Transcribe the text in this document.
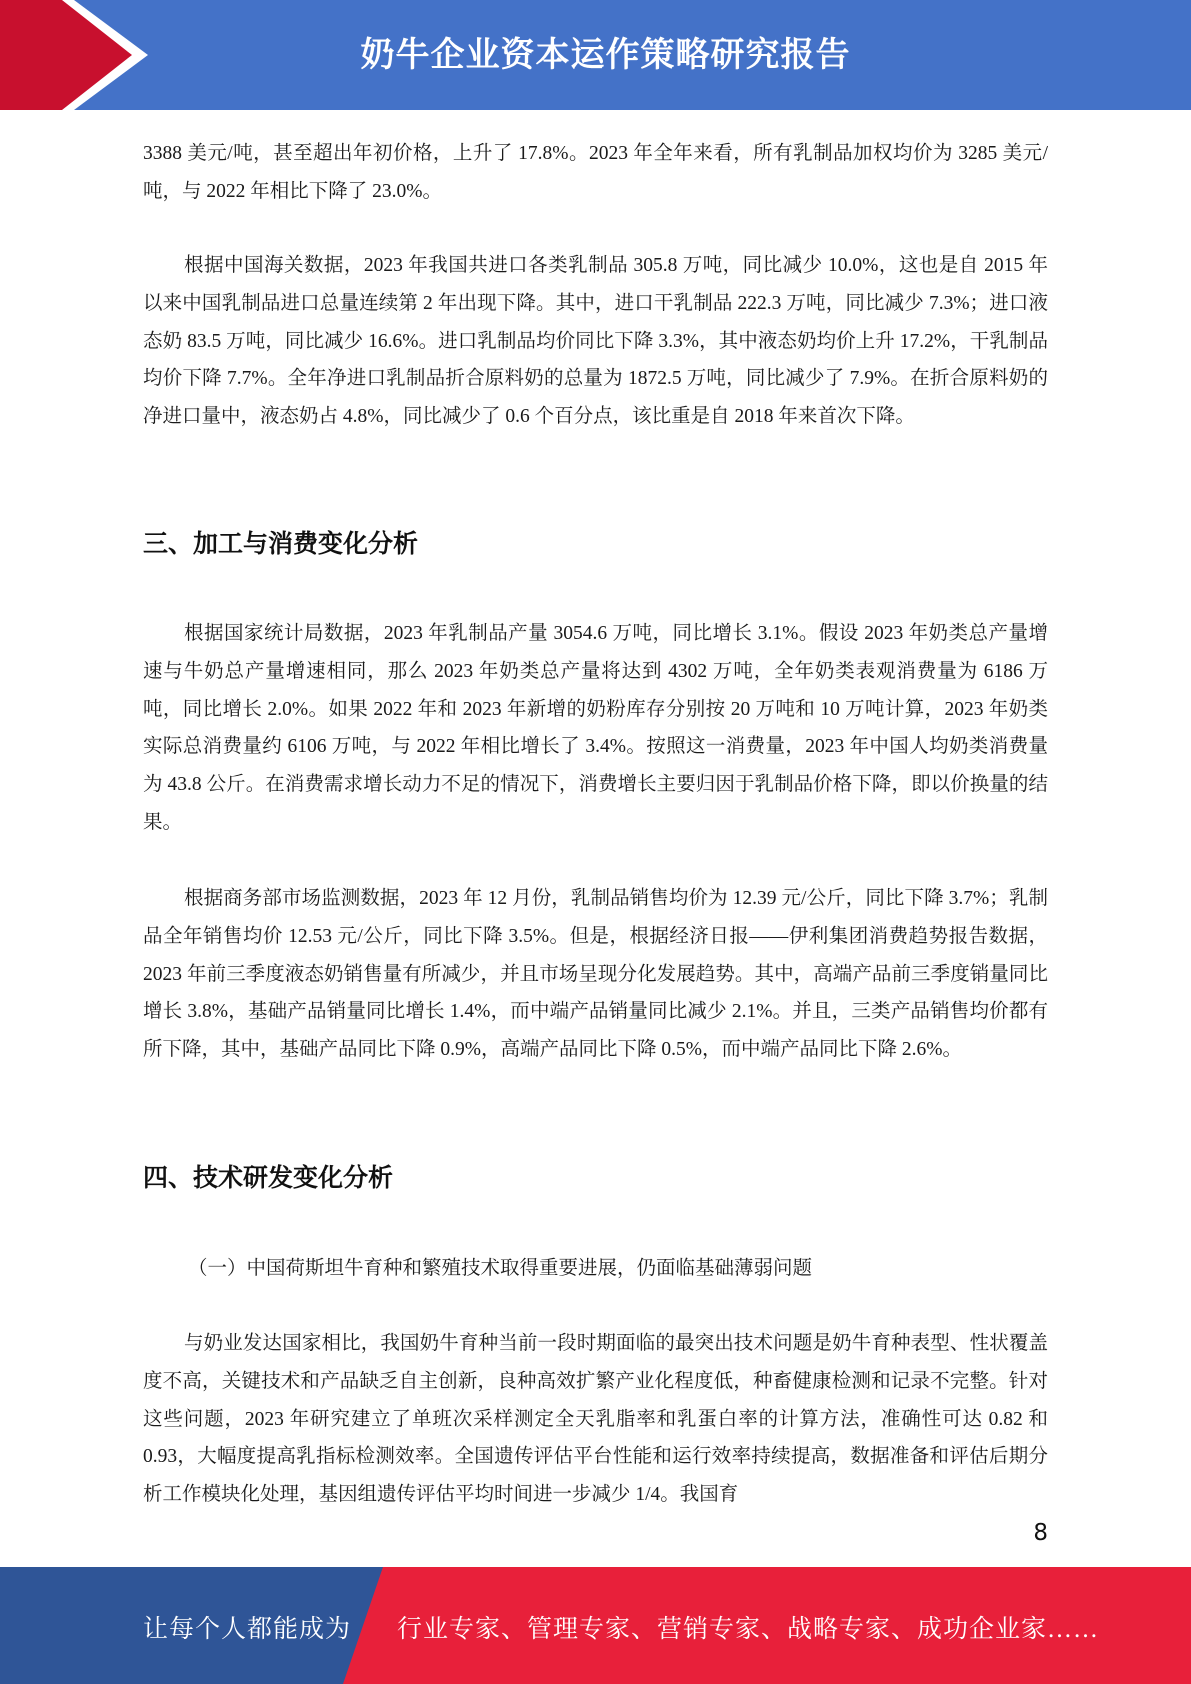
奶牛企业资本运作策略研究报告

3388 美元/吨，甚至超出年初价格，上升了 17.8%。2023 年全年来看，所有乳制品加权均价为 3285 美元/吨，与 2022 年相比下降了 23.0%。

根据中国海关数据，2023 年我国共进口各类乳制品 305.8 万吨，同比减少 10.0%，这也是自 2015 年以来中国乳制品进口总量连续第 2 年出现下降。其中，进口干乳制品 222.3 万吨，同比减少 7.3%；进口液态奶 83.5 万吨，同比减少 16.6%。进口乳制品均价同比下降 3.3%，其中液态奶均价上升 17.2%，干乳制品均价下降 7.7%。全年净进口乳制品折合原料奶的总量为 1872.5 万吨，同比减少了 7.9%。在折合原料奶的净进口量中，液态奶占 4.8%，同比减少了 0.6 个百分点，该比重是自 2018 年来首次下降。

三、加工与消费变化分析

根据国家统计局数据，2023 年乳制品产量 3054.6 万吨，同比增长 3.1%。假设 2023 年奶类总产量增速与牛奶总产量增速相同，那么 2023 年奶类总产量将达到 4302 万吨，全年奶类表观消费量为 6186 万吨，同比增长 2.0%。如果 2022 年和 2023 年新增的奶粉库存分别按 20 万吨和 10 万吨计算，2023 年奶类实际总消费量约 6106 万吨，与 2022 年相比增长了 3.4%。按照这一消费量，2023 年中国人均奶类消费量为 43.8 公斤。在消费需求增长动力不足的情况下，消费增长主要归因于乳制品价格下降，即以价换量的结果。

根据商务部市场监测数据，2023 年 12 月份，乳制品销售均价为 12.39 元/公斤，同比下降 3.7%；乳制品全年销售均价 12.53 元/公斤，同比下降 3.5%。但是，根据经济日报——伊利集团消费趋势报告数据，2023 年前三季度液态奶销售量有所减少，并且市场呈现分化发展趋势。其中，高端产品前三季度销量同比增长 3.8%，基础产品销量同比增长 1.4%，而中端产品销量同比减少 2.1%。并且，三类产品销售均价都有所下降，其中，基础产品同比下降 0.9%，高端产品同比下降 0.5%，而中端产品同比下降 2.6%。

四、技术研发变化分析

（一）中国荷斯坦牛育种和繁殖技术取得重要进展，仍面临基础薄弱问题

与奶业发达国家相比，我国奶牛育种当前一段时期面临的最突出技术问题是奶牛育种表型、性状覆盖度不高，关键技术和产品缺乏自主创新，良种高效扩繁产业化程度低，种畜健康检测和记录不完整。针对这些问题，2023 年研究建立了单班次采样测定全天乳脂率和乳蛋白率的计算方法，准确性可达 0.82 和 0.93，大幅度提高乳指标检测效率。全国遗传评估平台性能和运行效率持续提高，数据准备和评估后期分析工作模块化处理，基因组遗传评估平均时间进一步减少 1/4。我国育

8
让每个人都能成为 行业专家、管理专家、营销专家、战略专家、成功企业家……
